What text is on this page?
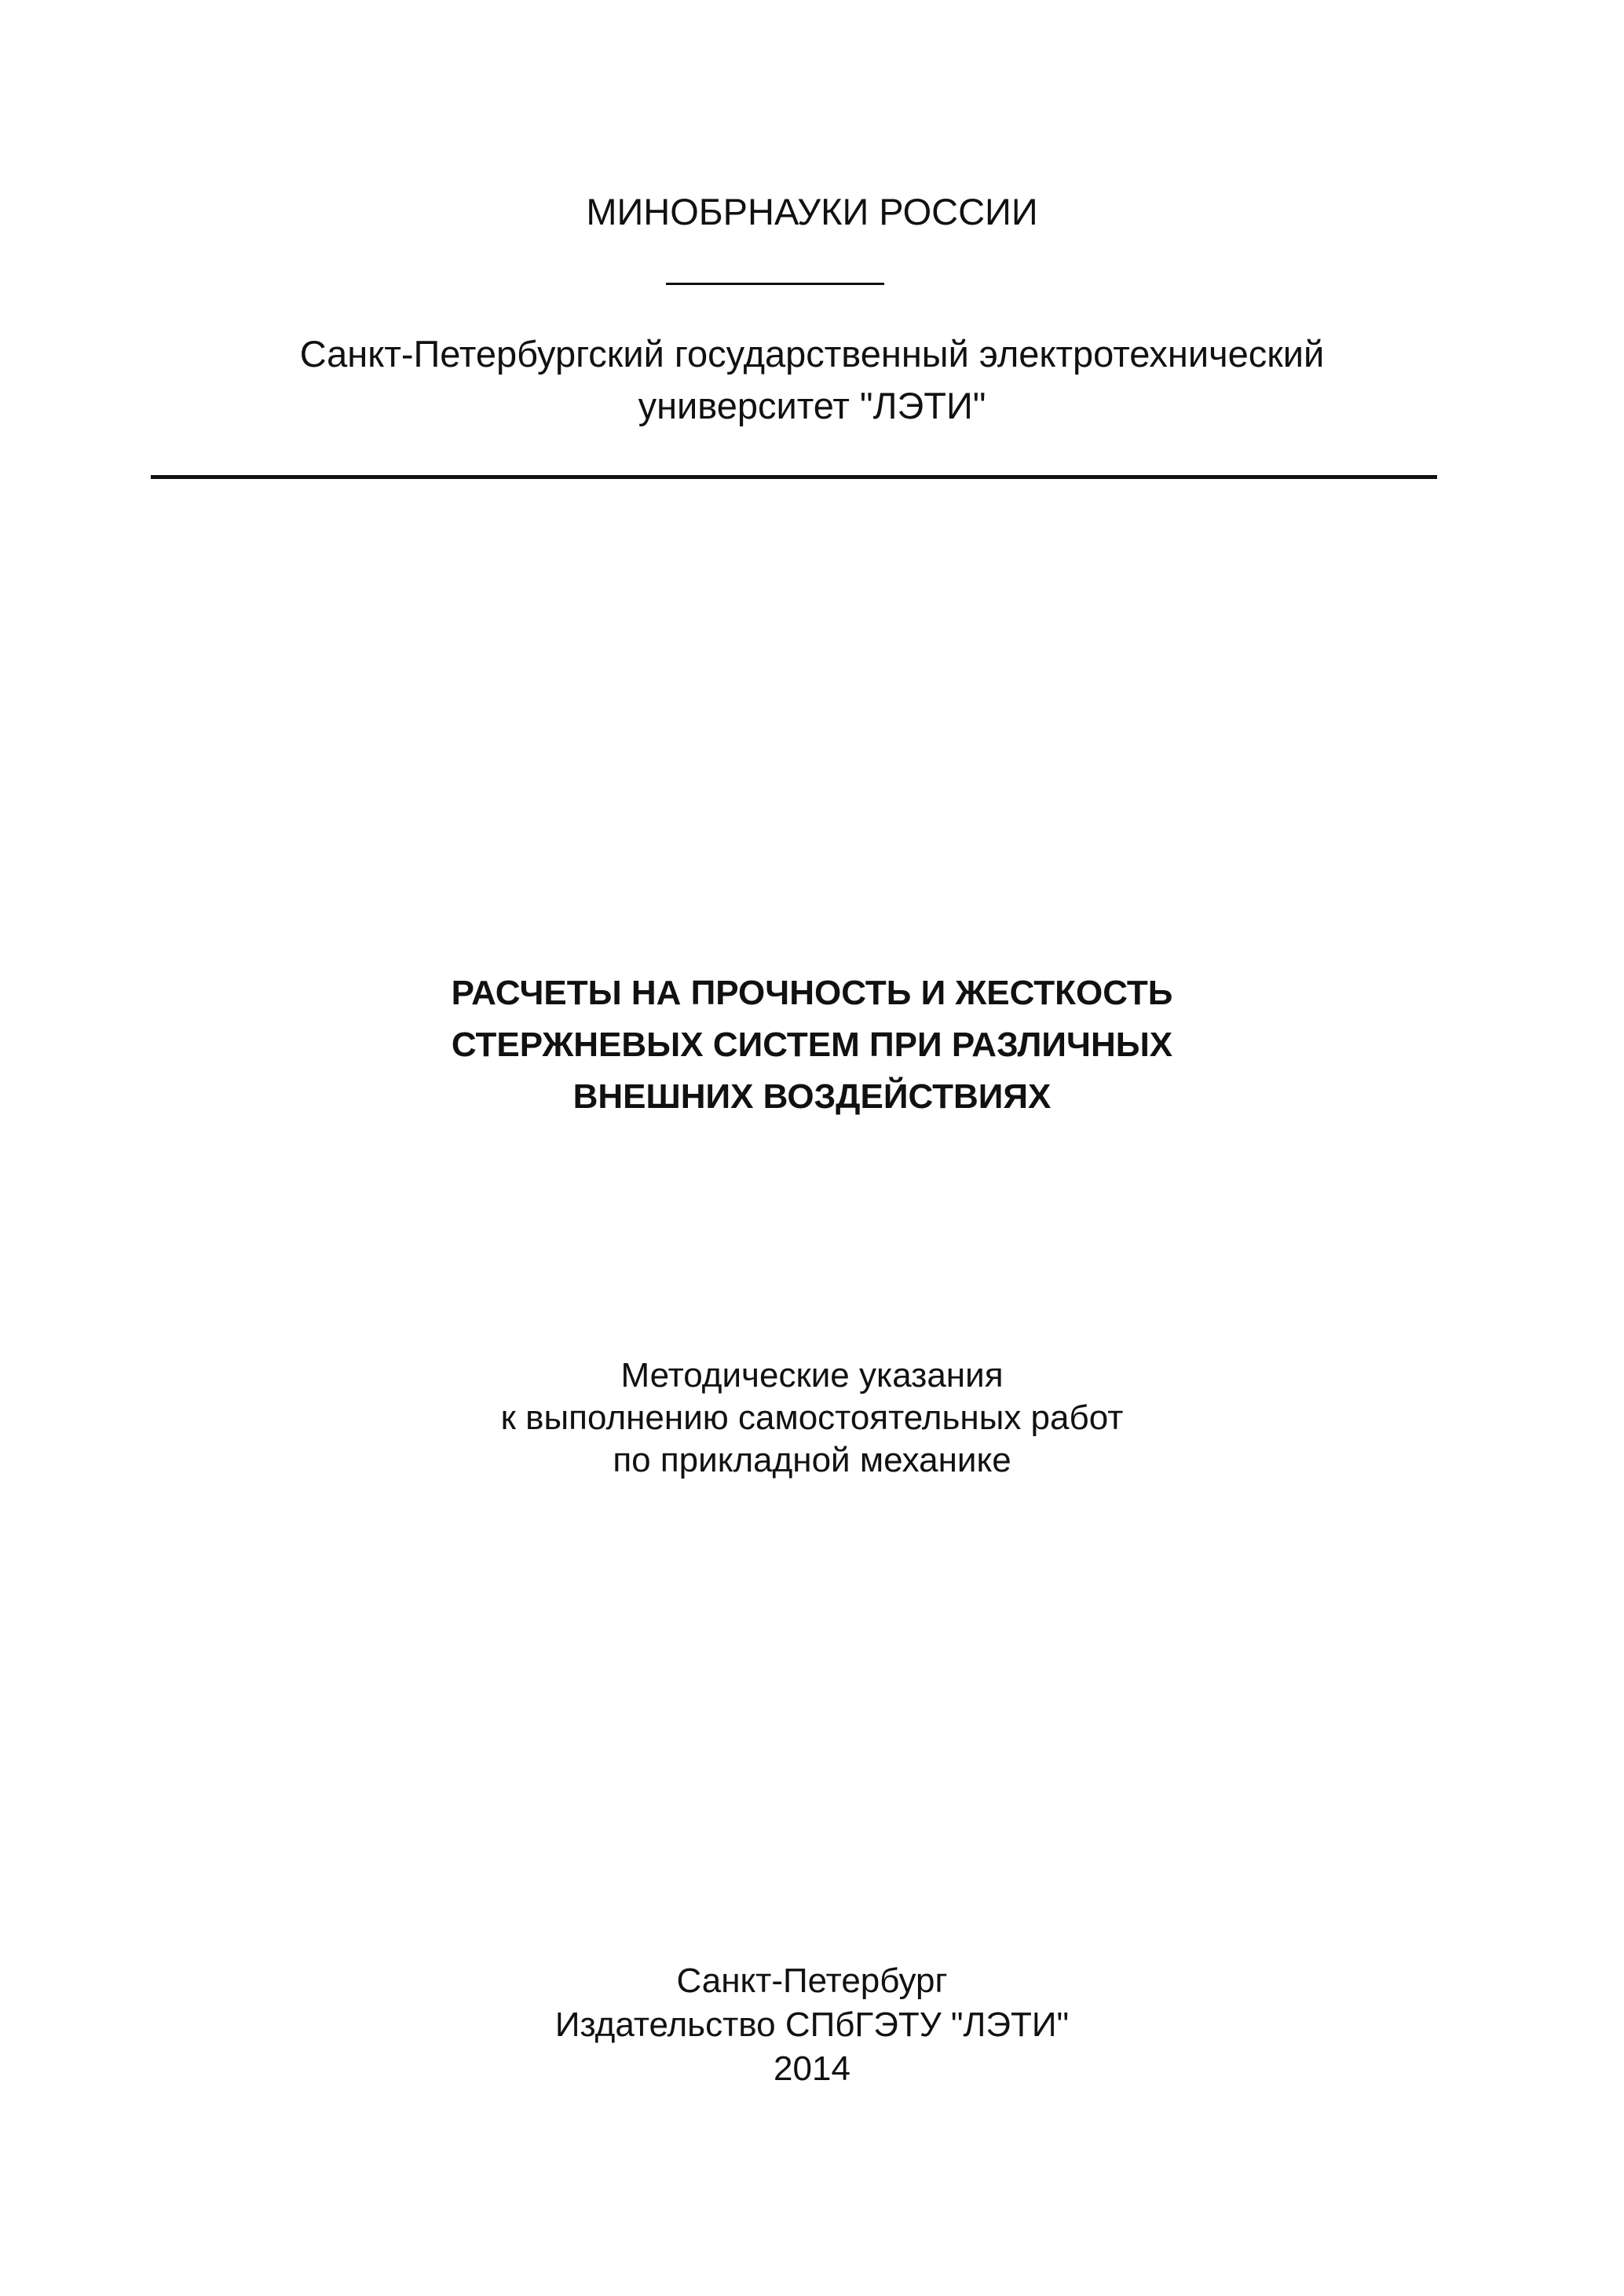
МИНОБРНАУКИ РОССИИ
Санкт-Петербургский государственный электротехнический
университет "ЛЭТИ"
РАСЧЕТЫ НА ПРОЧНОСТЬ И ЖЕСТКОСТЬ
СТЕРЖНЕВЫХ СИСТЕМ ПРИ РАЗЛИЧНЫХ
ВНЕШНИХ ВОЗДЕЙСТВИЯХ
Методические указания
к выполнению самостоятельных работ
по прикладной механике
Санкт-Петербург
Издательство СПбГЭТУ "ЛЭТИ"
2014
